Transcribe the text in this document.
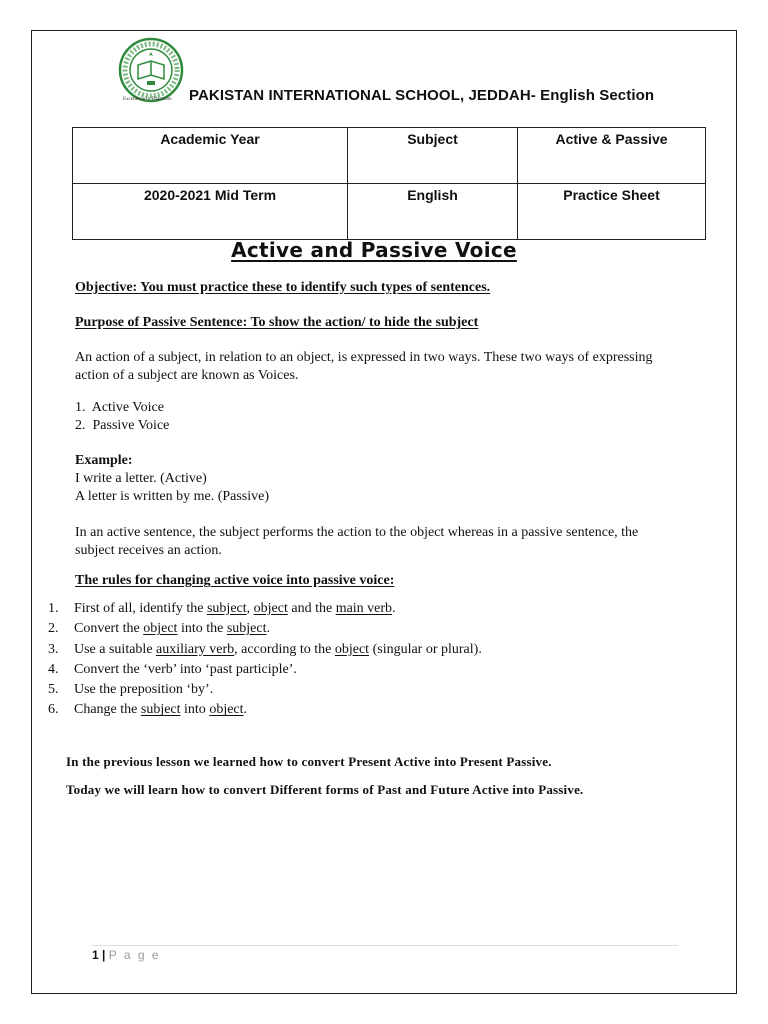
Excellence in Education PAKISTAN INTERNATIONAL SCHOOL, JEDDAH- English Section
Academic Year	Subject	Active & Passive
2020-2021 Mid Term	English	Practice Sheet
Active and Passive Voice
Objective: You must practice these to identify such types of sentences.
Purpose of Passive Sentence: To show the action/ to hide the subject
An action of a subject, in relation to an object, is expressed in two ways. These two ways of expressing action of a subject are known as Voices.
1.  Active Voice
2.  Passive Voice
Example:
I write a letter. (Active)
A letter is written by me. (Passive)
In an active sentence, the subject performs the action to the object whereas in a passive sentence, the subject receives an action.
The rules for changing active voice into passive voice:
1. First of all, identify the subject, object and the main verb.
2. Convert the object into the subject.
3. Use a suitable auxiliary verb, according to the object (singular or plural).
4. Convert the ‘verb’ into ‘past participle’.
5. Use the preposition ‘by’.
6. Change the subject into object.
In the previous lesson we learned how to convert Present Active into Present Passive.
Today we will learn how to convert Different forms of Past and Future Active into Passive.
1 | P a g e
